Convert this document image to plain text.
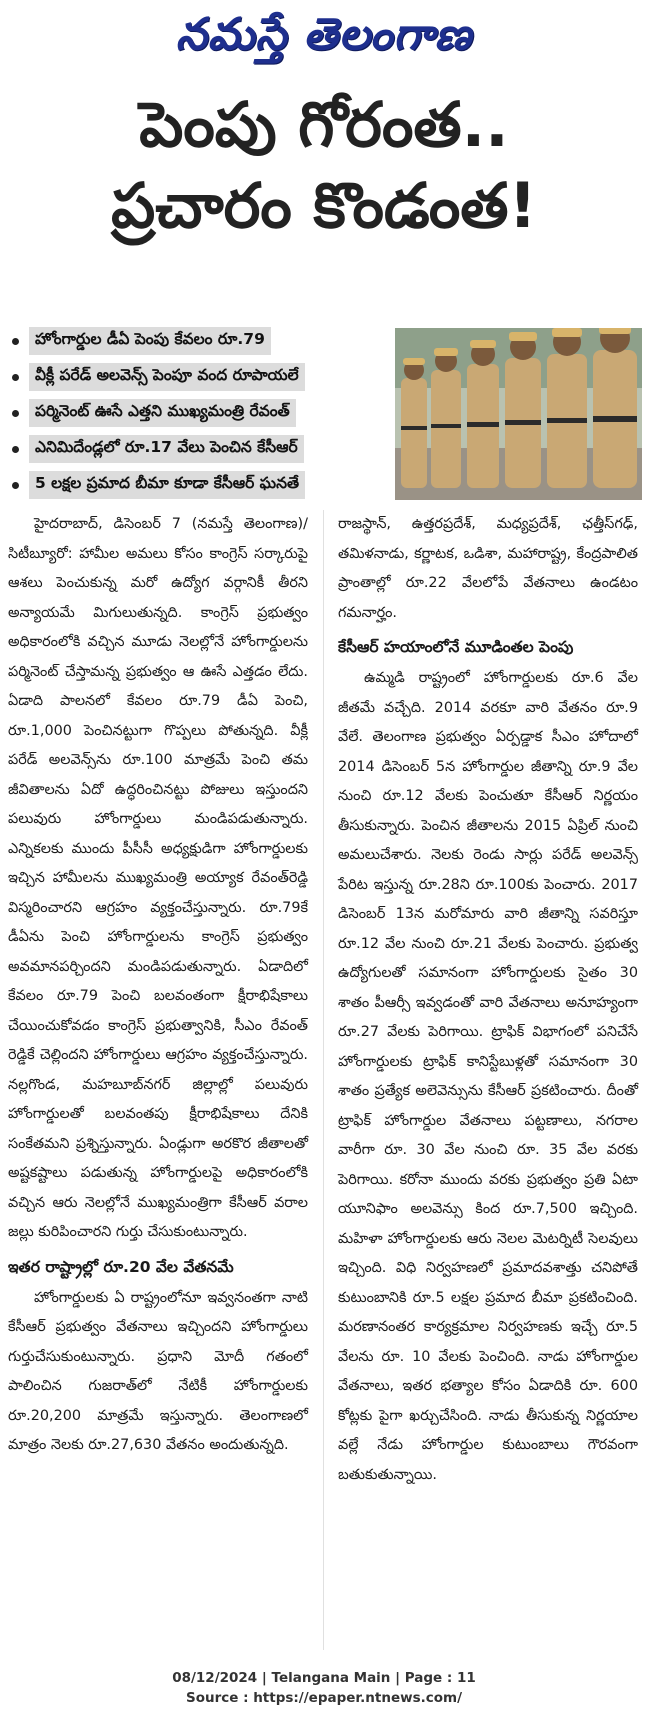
నమస్తే తెలంగాణ
పెంపు గోరంత..
ప్రచారం కొండంత!
హోంగార్డుల డీఏ పెంపు కేవలం రూ.79
వీక్లీ పరేడ్ అలవెన్స్ పెంపూ వంద రూపాయలే
పర్మినెంట్ ఊసే ఎత్తని ముఖ్యమంత్రి రేవంత్
ఎనిమిదేండ్లలో రూ.17 వేలు పెంచిన కేసీఆర్
5 లక్షల ప్రమాద బీమా కూడా కేసీఆర్ ఘనతే

హైదరాబాద్, డిసెంబర్ 7 (నమస్తే తెలంగాణ)/సిటీబ్యూరో: హామీల అమలు కోసం కాంగ్రెస్ సర్కారుపై ఆశలు పెంచుకున్న మరో ఉద్యోగ వర్గానికీ తీరని అన్యాయమే మిగులుతున్నది. కాంగ్రెస్ ప్రభుత్వం అధికారంలోకి వచ్చిన మూడు నెలల్లోనే హోంగార్డులను పర్మినెంట్ చేస్తామన్న ప్రభుత్వం ఆ ఊసే ఎత్తడం లేదు. ఏడాది పాలనలో కేవలం రూ.79 డీఏ పెంచి, రూ.1,000 పెంచినట్టుగా గొప్పలు పోతున్నది. వీక్లీ పరేడ్ అలవెన్స్‌ను రూ.100 మాత్రమే పెంచి తమ జీవితాలను ఏదో ఉద్ధరించినట్టు పోజులు ఇస్తుందని పలువురు హోంగార్డులు మండిపడుతున్నారు. ఎన్నికలకు ముందు పీసీసీ అధ్యక్షుడిగా హోంగార్డులకు ఇచ్చిన హామీలను ముఖ్యమంత్రి అయ్యాక రేవంత్‌రెడ్డి విస్మరించారని ఆగ్రహం వ్యక్తంచేస్తున్నారు. రూ.79కే డీఏను పెంచి హోంగార్డులను కాంగ్రెస్ ప్రభుత్వం అవమానపర్చిందని మండిపడుతున్నారు. ఏడాదిలో కేవలం రూ.79 పెంచి బలవంతంగా క్షీరాభిషేకాలు చేయించుకోవడం కాంగ్రెస్ ప్రభుత్వానికి, సీఎం రేవంత్ రెడ్డికే చెల్లిందని హోంగార్డులు ఆగ్రహం వ్యక్తంచేస్తున్నారు. నల్లగొండ, మహబూబ్‌నగర్ జిల్లాల్లో పలువురు హోంగార్డులతో బలవంతపు క్షీరాభిషేకాలు దేనికి సంకేతమని ప్రశ్నిస్తున్నారు. ఏండ్లుగా అరకొర జీతాలతో అష్టకష్టాలు పడుతున్న హోంగార్డులపై అధికారంలోకి వచ్చిన ఆరు నెలల్లోనే ముఖ్యమంత్రిగా కేసీఆర్ వరాల జల్లు కురిపించారని గుర్తు చేసుకుంటున్నారు.

ఇతర రాష్ట్రాల్లో రూ.20 వేల వేతనమే

హోంగార్డులకు ఏ రాష్ట్రంలోనూ ఇవ్వనంతగా నాటి కేసీఆర్ ప్రభుత్వం వేతనాలు ఇచ్చిందని హోంగార్డులు గుర్తుచేసుకుంటున్నారు. ప్రధాని మోదీ గతంలో పాలించిన గుజరాత్‌లో నేటికీ హోంగార్డులకు రూ.20,200 మాత్రమే ఇస్తున్నారు. తెలంగాణలో మాత్రం నెలకు రూ.27,630 వేతనం అందుతున్నది.

రాజస్థాన్, ఉత్తరప్రదేశ్, మధ్యప్రదేశ్, ఛత్తీస్‌గఢ్, తమిళనాడు, కర్ణాటక, ఒడిశా, మహారాష్ట్ర, కేంద్రపాలిత ప్రాంతాల్లో రూ.22 వేలలోపే వేతనాలు ఉండటం గమనార్హం.

కేసీఆర్ హయాంలోనే మూడింతల పెంపు

ఉమ్మడి రాష్ట్రంలో హోంగార్డులకు రూ.6 వేల జీతమే వచ్చేది. 2014 వరకూ వారి వేతనం రూ.9 వేలే. తెలంగాణ ప్రభుత్వం ఏర్పడ్డాక సీఎం హోదాలో 2014 డిసెంబర్ 5న హోంగార్డుల జీతాన్ని రూ.9 వేల నుంచి రూ.12 వేలకు పెంచుతూ కేసీఆర్ నిర్ణయం తీసుకున్నారు. పెంచిన జీతాలను 2015 ఏప్రిల్ నుంచి అమలుచేశారు. నెలకు రెండు సార్లు పరేడ్ అలవెన్స్ పేరిట ఇస్తున్న రూ.28ని రూ.100కు పెంచారు. 2017 డిసెంబర్ 13న మరోమారు వారి జీతాన్ని సవరిస్తూ రూ.12 వేల నుంచి రూ.21 వేలకు పెంచారు. ప్రభుత్వ ఉద్యోగులతో సమానంగా హోంగార్డులకు సైతం 30 శాతం పీఆర్సీ ఇవ్వడంతో వారి వేతనాలు అనూహ్యంగా రూ.27 వేలకు పెరిగాయి. ట్రాఫిక్ విభాగంలో పనిచేసే హోంగార్డులకు ట్రాఫిక్ కానిస్టేబుళ్లతో సమానంగా 30 శాతం ప్రత్యేక అలెవెన్సును కేసీఆర్ ప్రకటించారు. దీంతో ట్రాఫిక్ హోంగార్డుల వేతనాలు పట్టణాలు, నగరాల వారీగా రూ. 30 వేల నుంచి రూ. 35 వేల వరకు పెరిగాయి. కరోనా ముందు వరకు ప్రభుత్వం ప్రతి ఏటా యూనిఫాం అలవెన్సు కింద రూ.7,500 ఇచ్చింది. మహిళా హోంగార్డులకు ఆరు నెలల మెటర్నిటీ సెలవులు ఇచ్చింది. విధి నిర్వహణలో ప్రమాదవశాత్తు చనిపోతే కుటుంబానికి రూ.5 లక్షల ప్రమాద బీమా ప్రకటించింది. మరణానంతర కార్యక్రమాల నిర్వహణకు ఇచ్చే రూ.5 వేలను రూ. 10 వేలకు పెంచింది. నాడు హోంగార్డుల వేతనాలు, ఇతర భత్యాల కోసం ఏడాదికి రూ. 600 కోట్లకు పైగా ఖర్చుచేసింది. నాడు తీసుకున్న నిర్ణయాల వల్లే నేడు హోంగార్డుల కుటుంబాలు గౌరవంగా బతుకుతున్నాయి.

08/12/2024 | Telangana Main | Page : 11
Source : https://epaper.ntnews.com/
